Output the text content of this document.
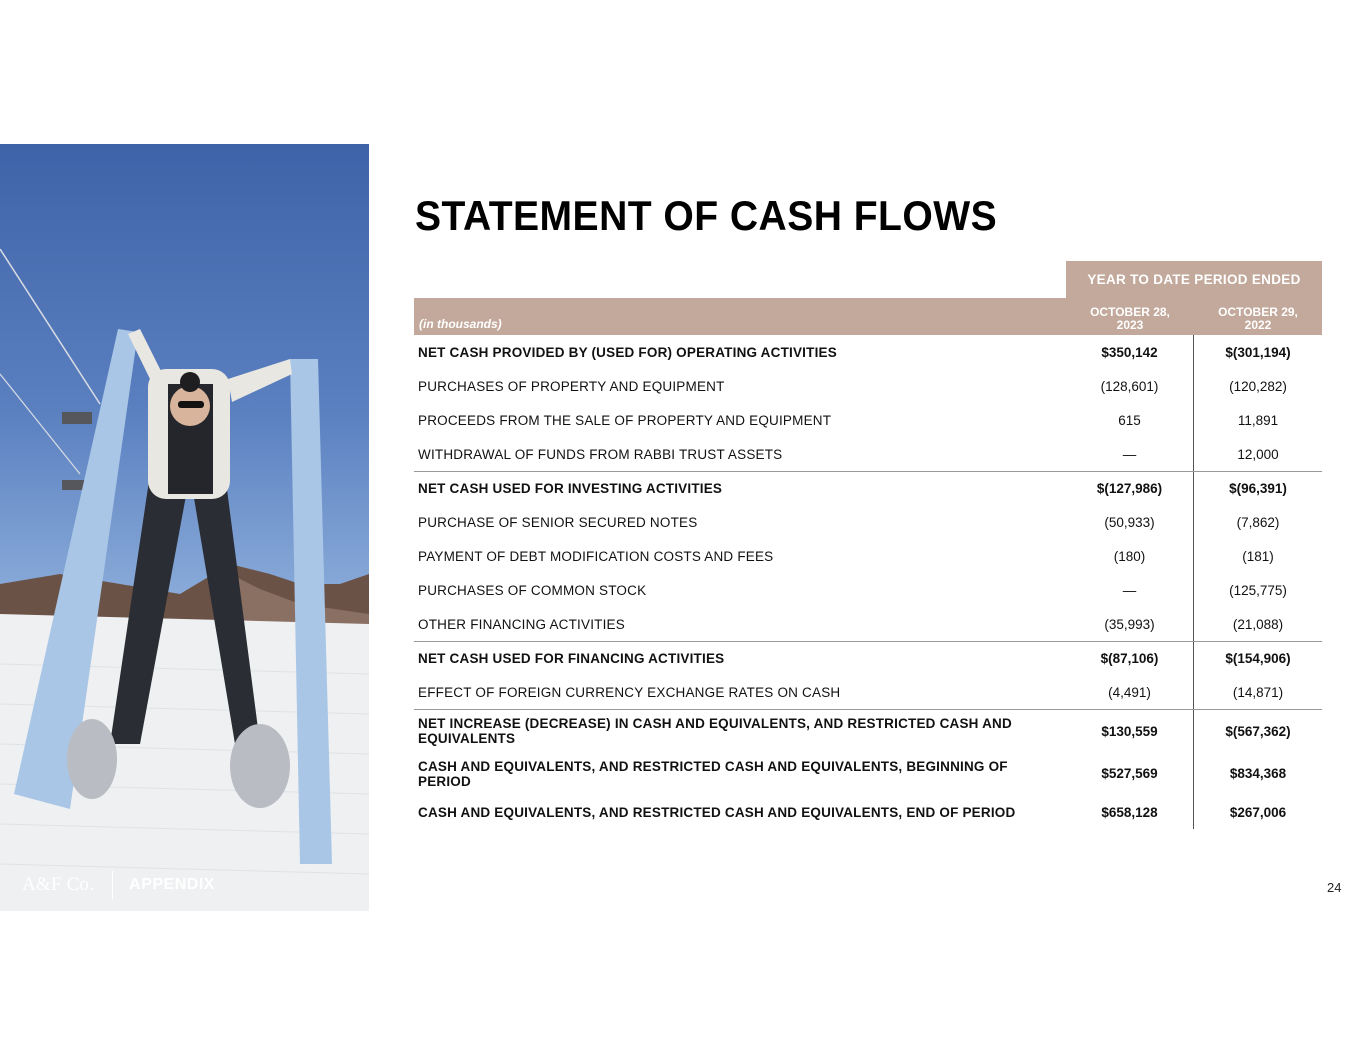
A&F Co. APPENDIX
STATEMENT OF CASH FLOWS
YEAR TO DATE PERIOD ENDED
(in thousands)
OCTOBER 28,
2023
OCTOBER 29,
2022
NET CASH PROVIDED BY (USED FOR) OPERATING ACTIVITIES	$350,142	$(301,194)
PURCHASES OF PROPERTY AND EQUIPMENT	(128,601)	(120,282)
PROCEEDS FROM THE SALE OF PROPERTY AND EQUIPMENT	615	11,891
WITHDRAWAL OF FUNDS FROM RABBI TRUST ASSETS	—	12,000
NET CASH USED FOR INVESTING ACTIVITIES	$(127,986)	$(96,391)
PURCHASE OF SENIOR SECURED NOTES	(50,933)	(7,862)
PAYMENT OF DEBT MODIFICATION COSTS AND FEES	(180)	(181)
PURCHASES OF COMMON STOCK	—	(125,775)
OTHER FINANCING ACTIVITIES	(35,993)	(21,088)
NET CASH USED FOR FINANCING ACTIVITIES	$(87,106)	$(154,906)
EFFECT OF FOREIGN CURRENCY EXCHANGE RATES ON CASH	(4,491)	(14,871)
NET INCREASE (DECREASE) IN CASH AND EQUIVALENTS, AND RESTRICTED CASH AND EQUIVALENTS	$130,559	$(567,362)
CASH AND EQUIVALENTS, AND RESTRICTED CASH AND EQUIVALENTS, BEGINNING OF PERIOD	$527,569	$834,368
CASH AND EQUIVALENTS, AND RESTRICTED CASH AND EQUIVALENTS, END OF PERIOD	$658,128	$267,006
24
